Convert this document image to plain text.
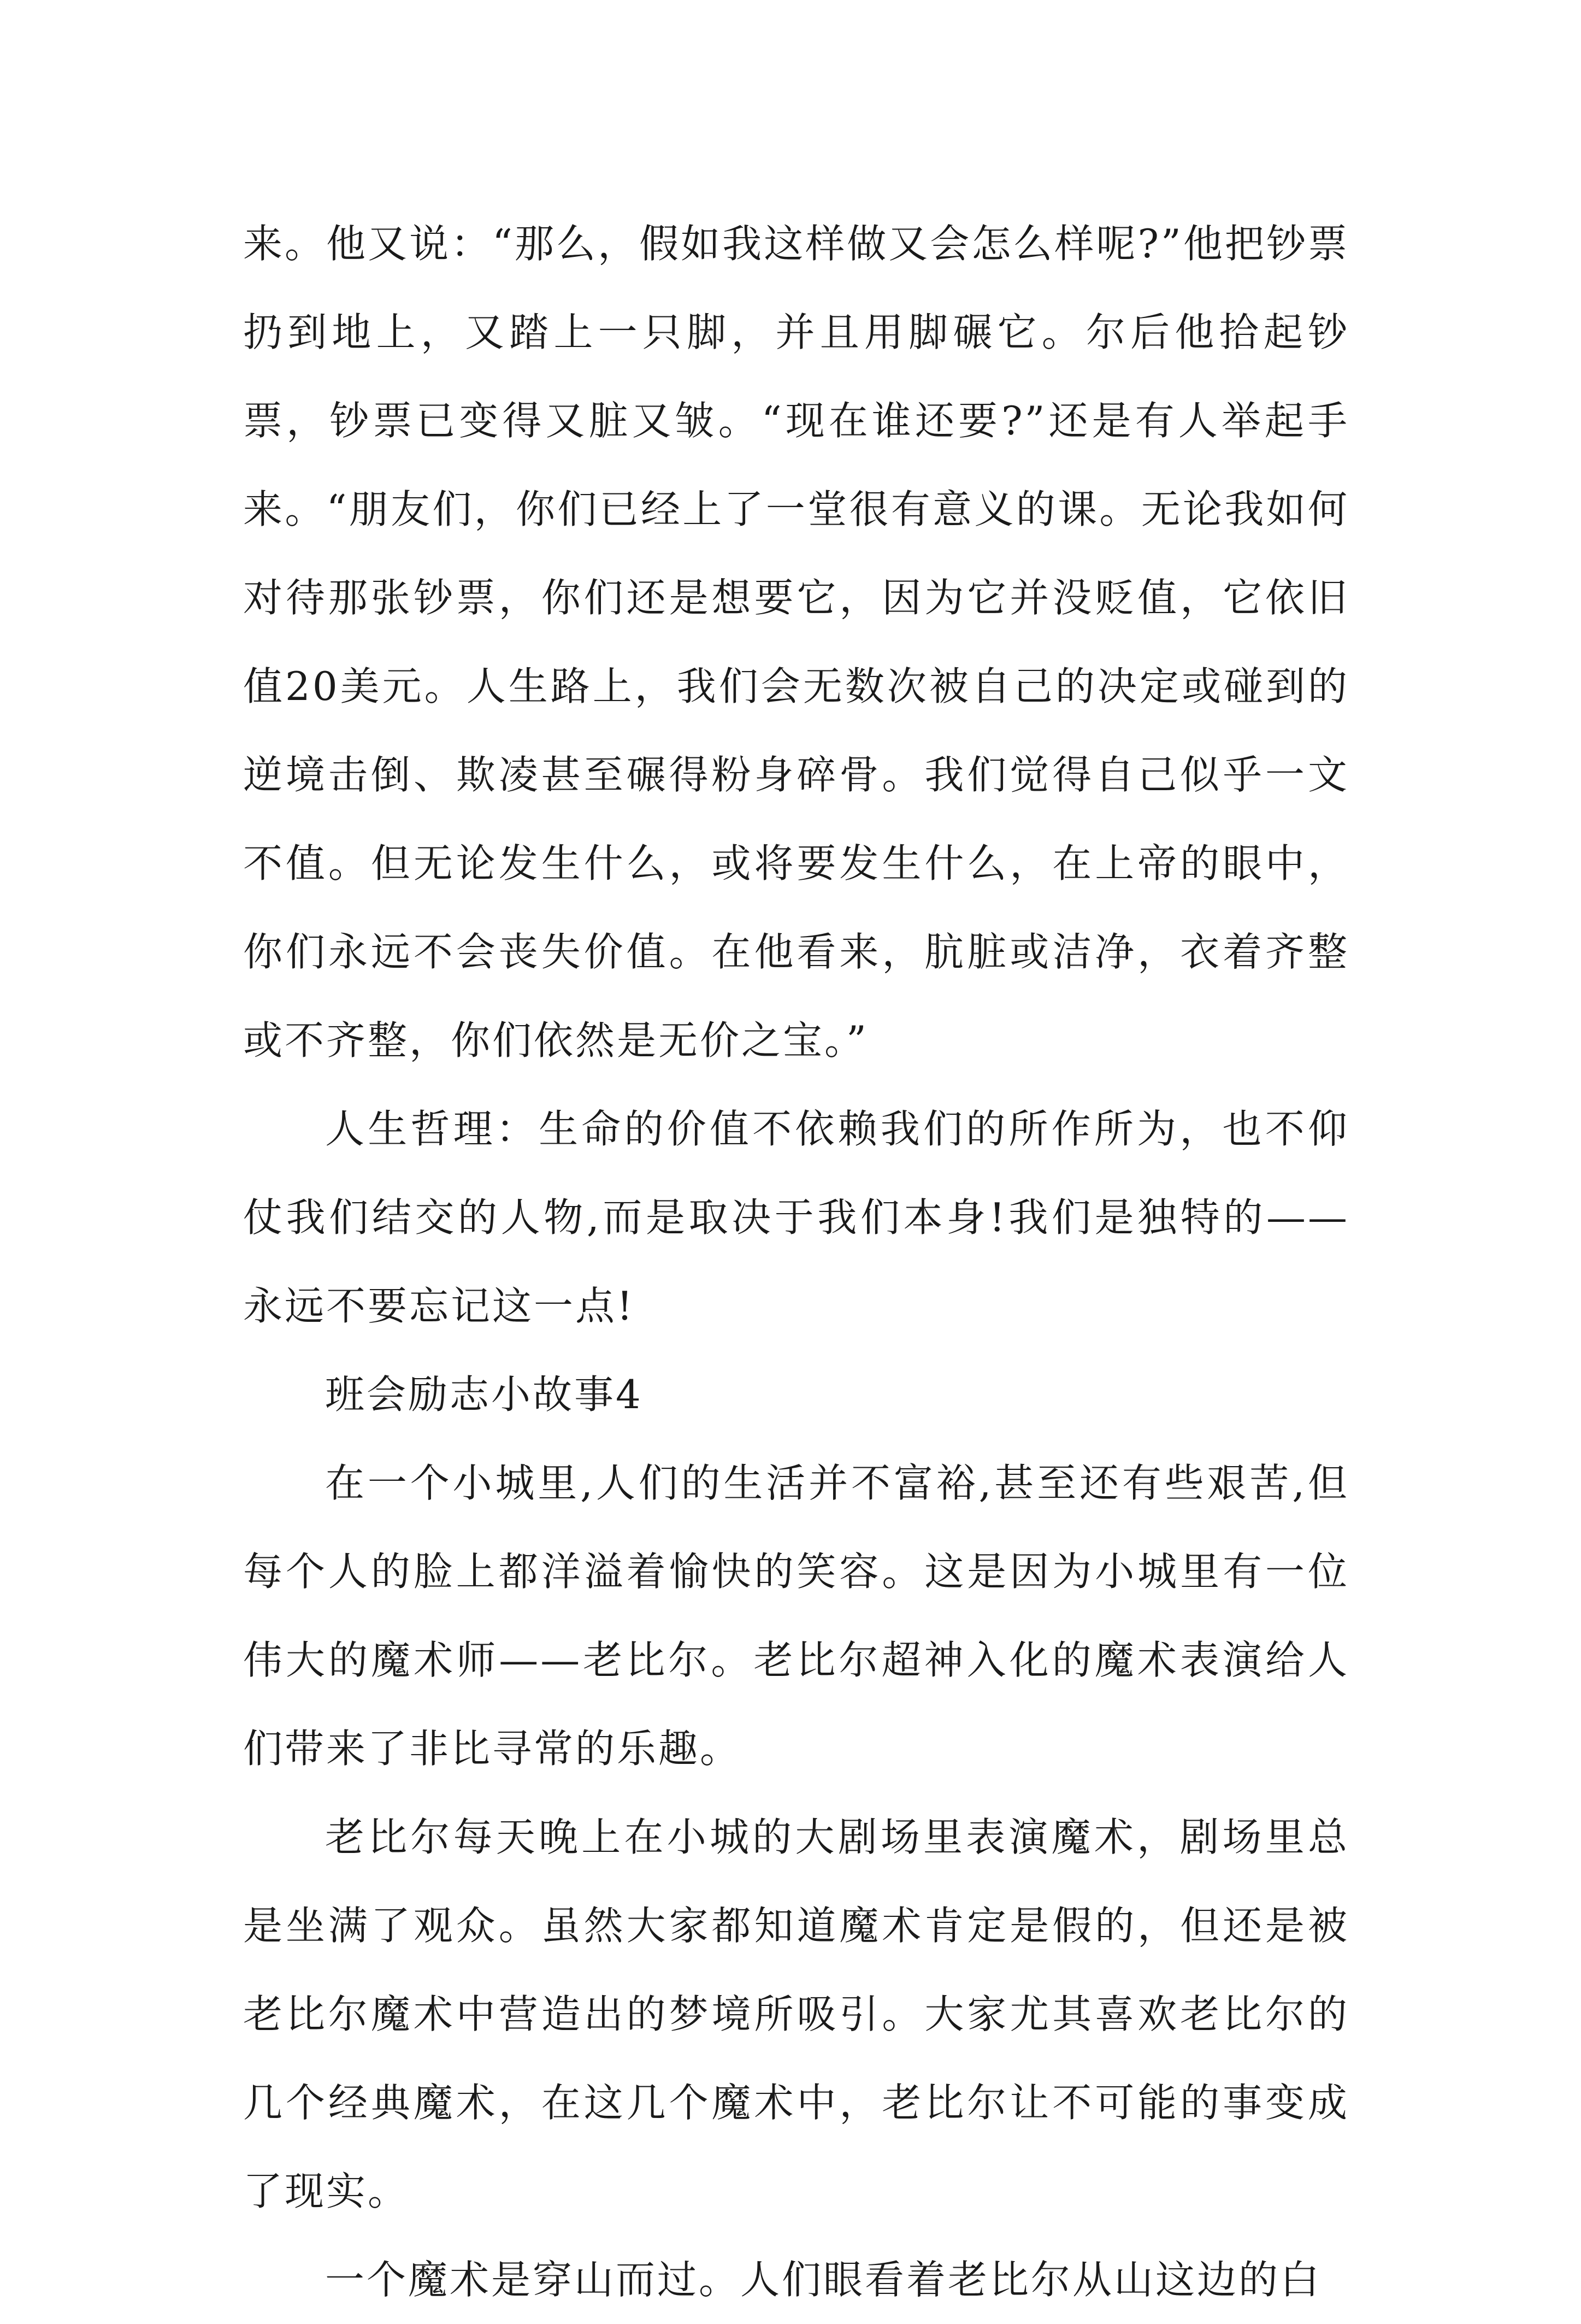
来。他又说：“那么，假如我这样做又会怎么样呢?”他把钞票扔到地上，又踏上一只脚，并且用脚碾它。尔后他拾起钞票，钞票已变得又脏又皱。“现在谁还要?”还是有人举起手来。“朋友们，你们已经上了一堂很有意义的课。无论我如何对待那张钞票，你们还是想要它，因为它并没贬值，它依旧值20美元。人生路上，我们会无数次被自己的决定或碰到的逆境击倒、欺凌甚至碾得粉身碎骨。我们觉得自己似乎一文不值。但无论发生什么，或将要发生什么，在上帝的眼中，你们永远不会丧失价值。在他看来，肮脏或洁净，衣着齐整或不齐整，你们依然是无价之宝。”

人生哲理：生命的价值不依赖我们的所作所为，也不仰仗我们结交的人物,而是取决于我们本身!我们是独特的——永远不要忘记这一点!

班会励志小故事4

在一个小城里,人们的生活并不富裕,甚至还有些艰苦,但每个人的脸上都洋溢着愉快的笑容。这是因为小城里有一位伟大的魔术师——老比尔。老比尔超神入化的魔术表演给人们带来了非比寻常的乐趣。

老比尔每天晚上在小城的大剧场里表演魔术，剧场里总是坐满了观众。虽然大家都知道魔术肯定是假的，但还是被老比尔魔术中营造出的梦境所吸引。大家尤其喜欢老比尔的几个经典魔术，在这几个魔术中，老比尔让不可能的事变成了现实。

一个魔术是穿山而过。人们眼看着老比尔从山这边的白
